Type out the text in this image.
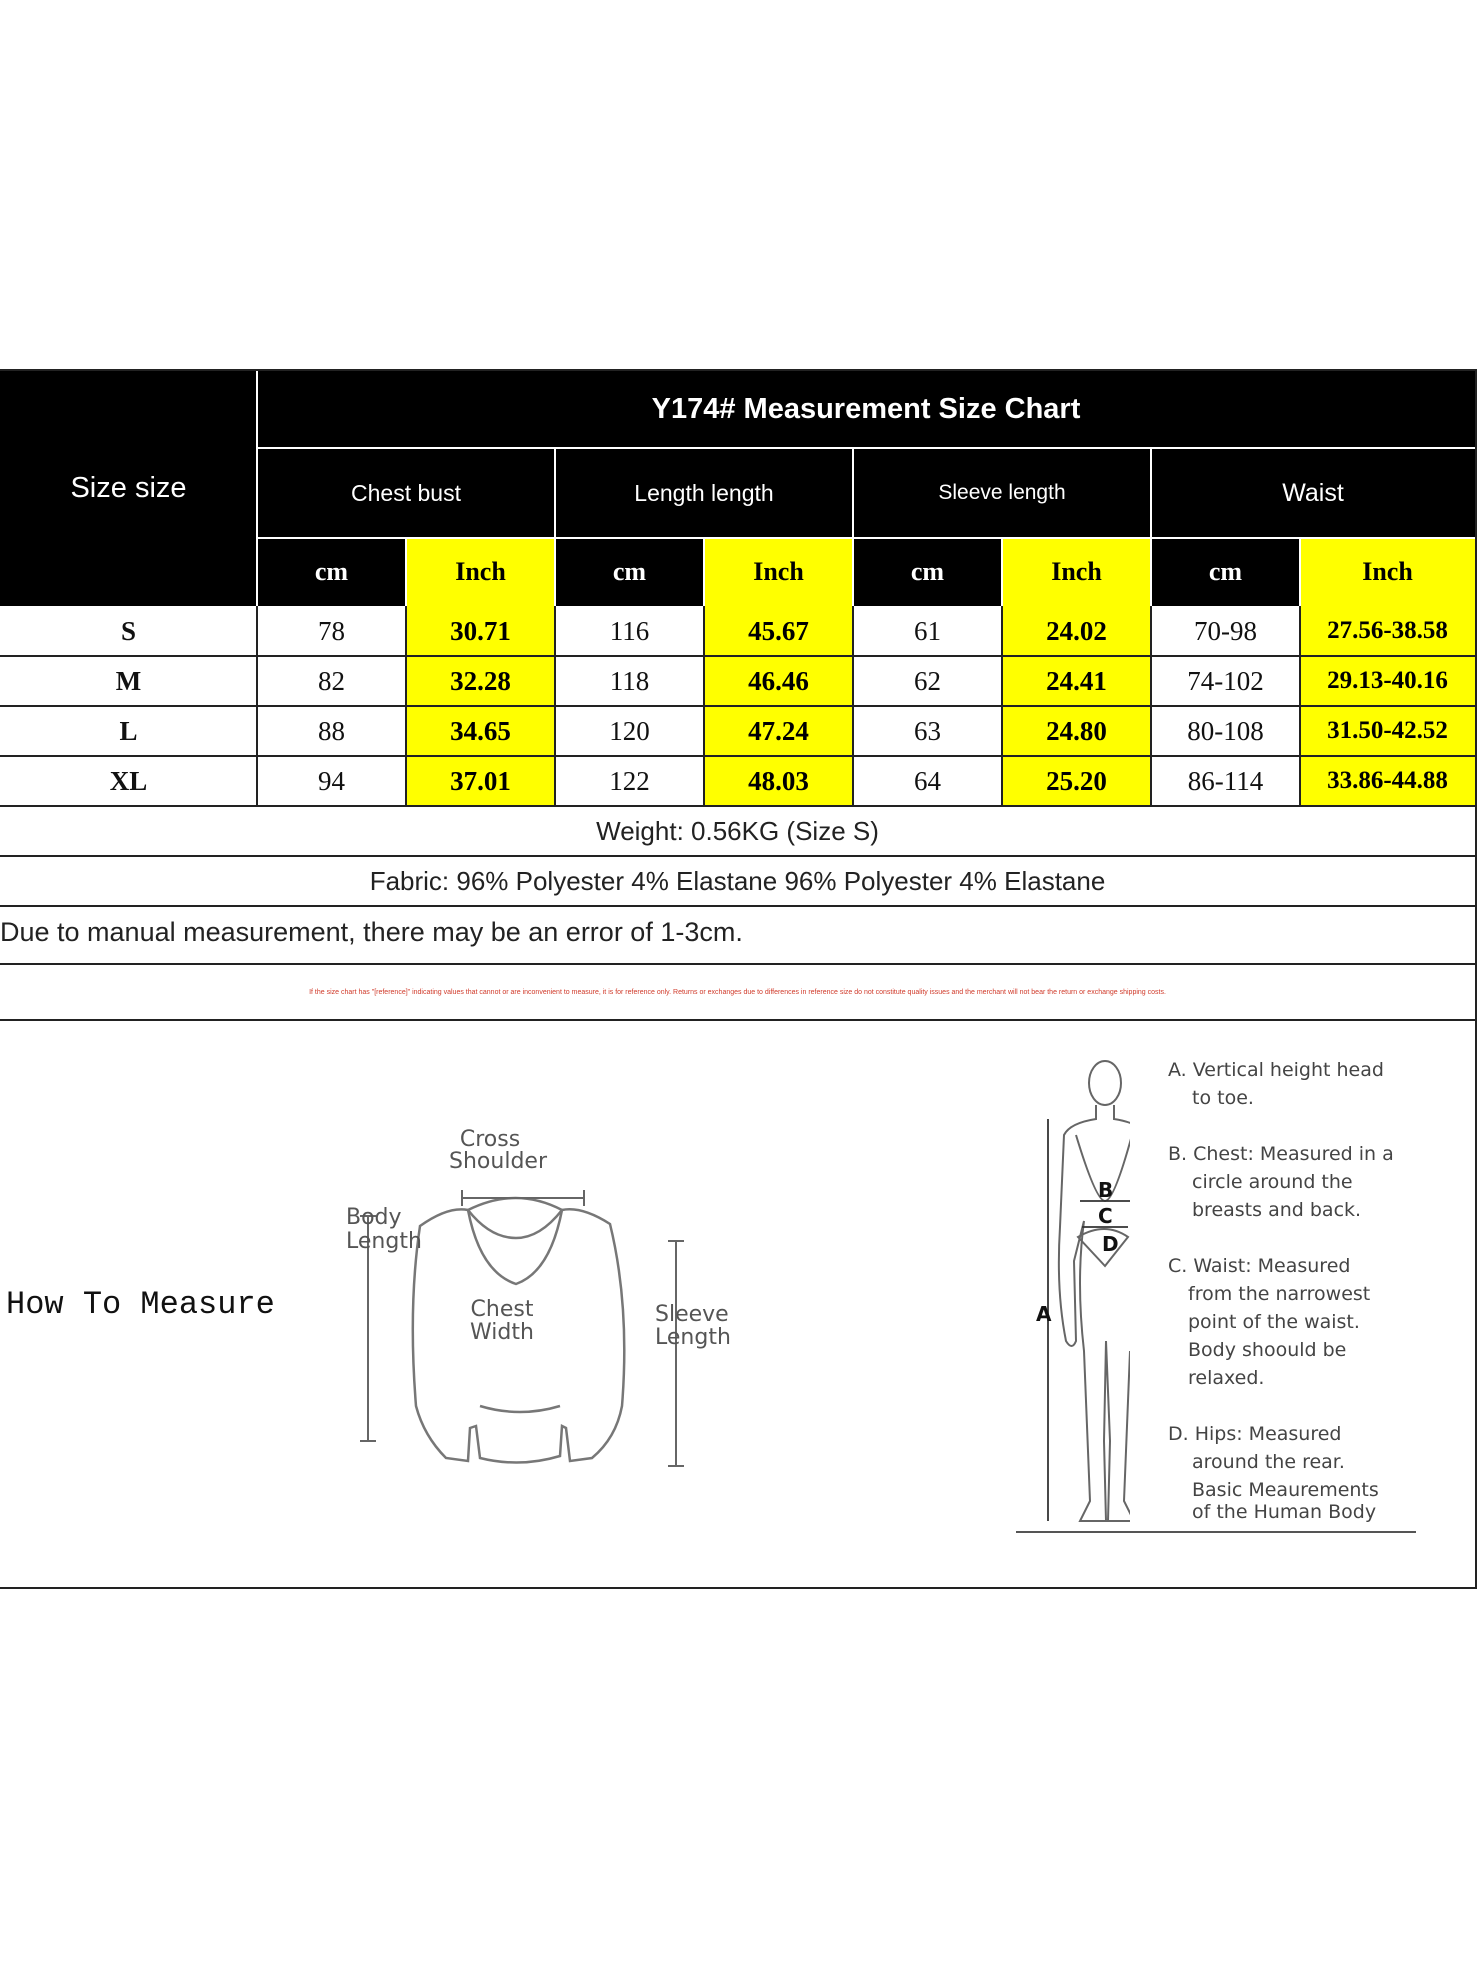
Size size
Y174# Measurement Size Chart
Chest bust	Length length	Sleeve length	Waist
cm	Inch	cm	Inch	cm	Inch	cm	Inch
S	78	30.71	116	45.67	61	24.02	70-98	27.56-38.58
M	82	32.28	118	46.46	62	24.41	74-102	29.13-40.16
L	88	34.65	120	47.24	63	24.80	80-108	31.50-42.52
XL	94	37.01	122	48.03	64	25.20	86-114	33.86-44.88
Weight: 0.56KG (Size S)
Fabric: 96% Polyester 4% Elastane 96% Polyester 4% Elastane
Due to manual measurement, there may be an error of 1-3cm.
If the size chart has "[reference]" indicating values that cannot or are inconvenient to measure, it is for reference only. Returns or exchanges due to differences in reference size do not constitute quality issues and the merchant will not bear the return or exchange shipping costs.
How To Measure
Cross
Shoulder
Body
Length
Chest
Width
Sleeve
Length
A
B
C
D
A. Vertical height head
to toe.
B. Chest: Measured in a
circle around the
breasts and back.
C. Waist: Measured
from the narrowest
point of the waist.
Body shoould be
relaxed.
D. Hips: Measured
around the rear.
Basic Meaurements
of the Human Body
